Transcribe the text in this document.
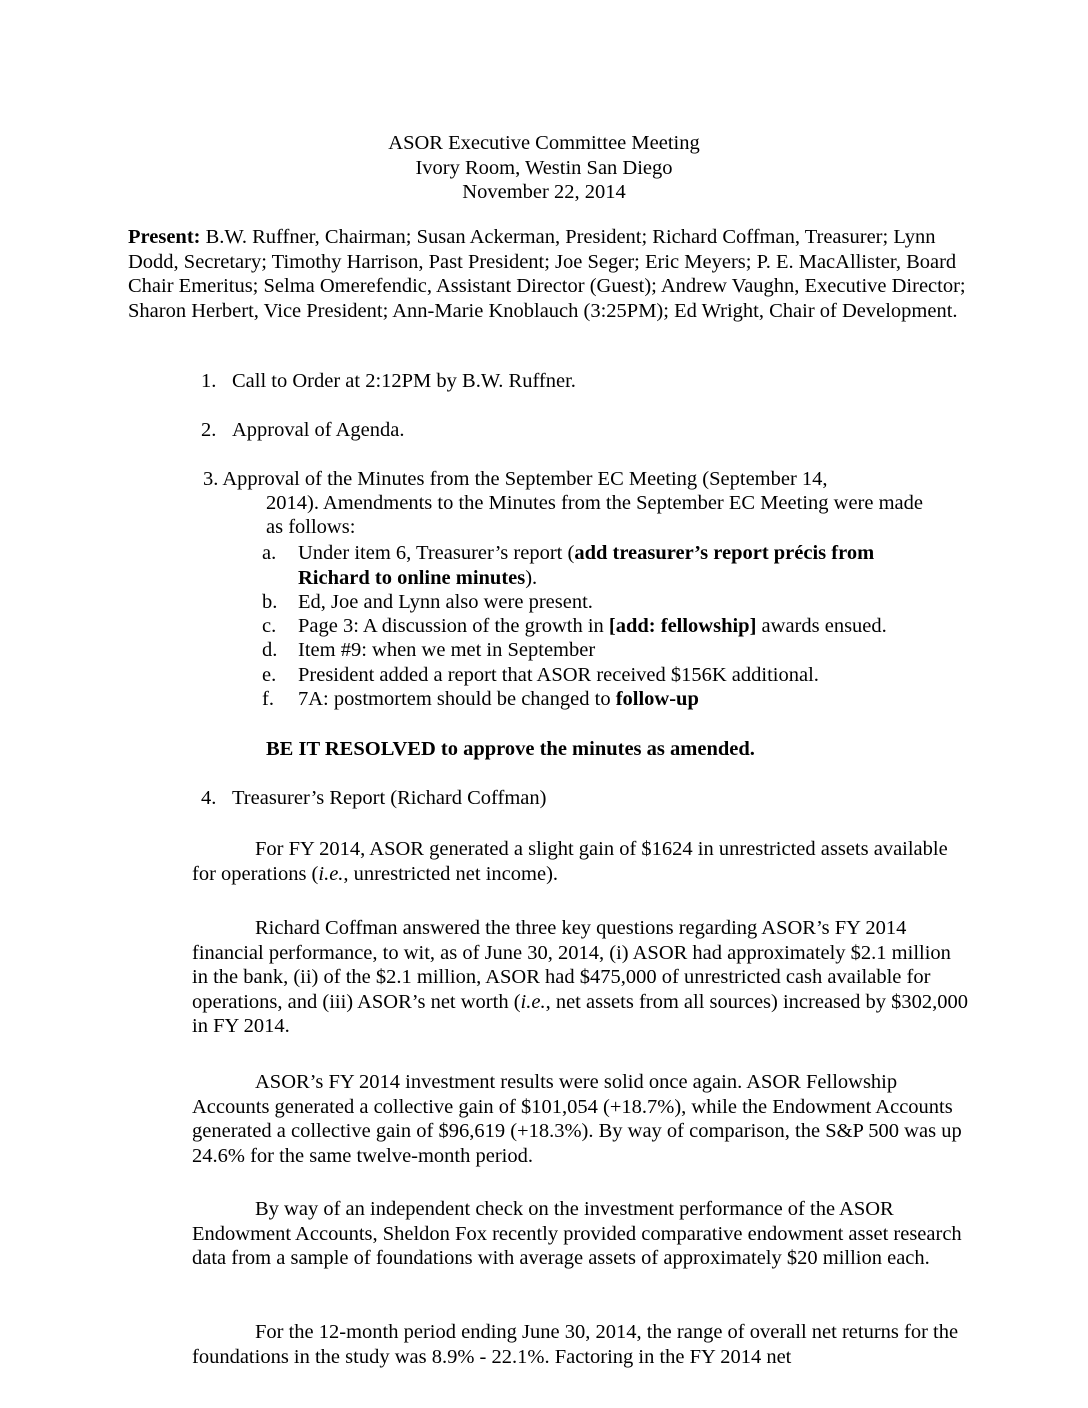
ASOR Executive Committee Meeting
Ivory Room, Westin San Diego
November 22, 2014
Present: B.W. Ruffner, Chairman; Susan Ackerman, President; Richard Coffman, Treasurer; Lynn Dodd, Secretary; Timothy Harrison, Past President; Joe Seger; Eric Meyers; P. E. MacAllister, Board Chair Emeritus; Selma Omerefendic, Assistant Director (Guest); Andrew Vaughn, Executive Director; Sharon Herbert, Vice President; Ann-Marie Knoblauch (3:25PM); Ed Wright, Chair of Development.
1. Call to Order at 2:12PM by B.W. Ruffner.
2. Approval of Agenda.
3. Approval of the Minutes from the September EC Meeting (September 14,
2014). Amendments to the Minutes from the September EC Meeting were made
as follows:
a. Under item 6, Treasurer’s report (add treasurer’s report précis from
Richard to online minutes).
b. Ed, Joe and Lynn also were present.
c. Page 3: A discussion of the growth in [add: fellowship] awards ensued.
d. Item #9: when we met in September
e. President added a report that ASOR received $156K additional.
f. 7A: postmortem should be changed to follow-up
BE IT RESOLVED to approve the minutes as amended.
4. Treasurer’s Report (Richard Coffman)
For FY 2014, ASOR generated a slight gain of $1624 in unrestricted assets available for operations (i.e., unrestricted net income).
Richard Coffman answered the three key questions regarding ASOR’s FY 2014 financial performance, to wit, as of June 30, 2014, (i) ASOR had approximately $2.1 million in the bank, (ii) of the $2.1 million, ASOR had $475,000 of unrestricted cash available for operations, and (iii) ASOR’s net worth (i.e., net assets from all sources) increased by $302,000 in FY 2014.
ASOR’s FY 2014 investment results were solid once again. ASOR Fellowship Accounts generated a collective gain of $101,054 (+18.7%), while the Endowment Accounts generated a collective gain of $96,619 (+18.3%). By way of comparison, the S&P 500 was up 24.6% for the same twelve-month period.
By way of an independent check on the investment performance of the ASOR Endowment Accounts, Sheldon Fox recently provided comparative endowment asset research data from a sample of foundations with average assets of approximately $20 million each.
For the 12-month period ending June 30, 2014, the range of overall net returns for the foundations in the study was 8.9% - 22.1%. Factoring in the FY 2014 net
